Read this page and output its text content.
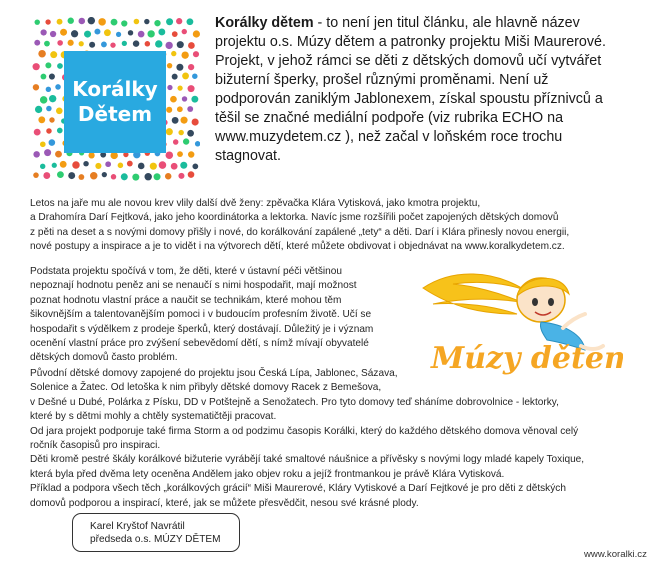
Korálky
Dětem
Korálky dětem - to není jen titul článku, ale hlavně název projektu o.s. Múzy dětem a patronky projektu Miši Maurerové. Projekt, v jehož rámci se děti z dětských domovů učí vytvářet bižuterní šperky, prošel různými proměnami. Není už podporován zaniklým Jablonexem, získal spoustu příznivců a těšil se značné mediální podpoře (viz rubrika ECHO na www.muzydetem.cz ), než začal v loňském roce trochu stagnovat.
Letos na jaře mu ale novou krev vlily další dvě ženy: zpěvačka Klára Vytisková, jako kmotra projektu,
a Drahomíra Darí Fejtková, jako jeho koordinátorka a lektorka. Navíc jsme rozšířili počet zapojených dětských domovů
z pěti na deset a s novými domovy přišly i nové, do korálkování zapálené „tety“ a děti. Darí i Klára přinesly novou energii,
nové postupy a inspirace a je to vidět i na výtvorech dětí, které můžete obdivovat i objednávat na www.koralkydetem.cz.
Podstata projektu spočívá v tom, že děti, které v ústavní péči většinou
nepoznají hodnotu peněz ani se nenaučí s nimi hospodařit, mají možnost
poznat hodnotu vlastní práce a naučit se technikám, které mohou těm
šikovnějším a talentovanějším pomoci i v budoucím profesním životě. Učí se
hospodařit s výdělkem z prodeje šperků, který dostávají. Důležitý je i význam
ocenění vlastní práce pro zvýšení sebevědomí dětí, s nímž mívají obyvatelé
dětských domovů často problém.	Múzy dětem
Původní dětské domovy zapojené do projektu jsou Česká Lípa, Jablonec, Sázava,
Solenice a Žatec. Od letoška k nim přibyly dětské domovy Racek z Bemešova,
v Dešné u Dubé, Polárka z Písku, DD v Potštejně a Senožatech. Pro tyto domovy teď sháníme dobrovolnice - lektorky,
které by s dětmi mohly a chtěly systematičtěji pracovat.
Od jara projekt podporuje také firma Storm a od podzimu časopis Korálki, který do každého dětského domova věnoval celý
ročník časopisů pro inspiraci.
Děti kromě pestré škály korálkové bižuterie vyrábějí také smaltové náušnice a přívěsky s novými logy mladé kapely Toxique,
která byla před dvěma lety oceněna Andělem jako objev roku a jejíž frontmankou je právě Klára Vytisková.
Příklad a podpora všech těch „korálkových grácií“ Miši Maurerové, Kláry Vytiskové a Darí Fejtkové je pro děti z dětských
domovů podporou a inspirací, které, jak se můžete přesvědčit, nesou své krásné plody.
Karel Kryštof Navrátil
předseda o.s. MÚZY DĚTEM
www.koralki.cz
